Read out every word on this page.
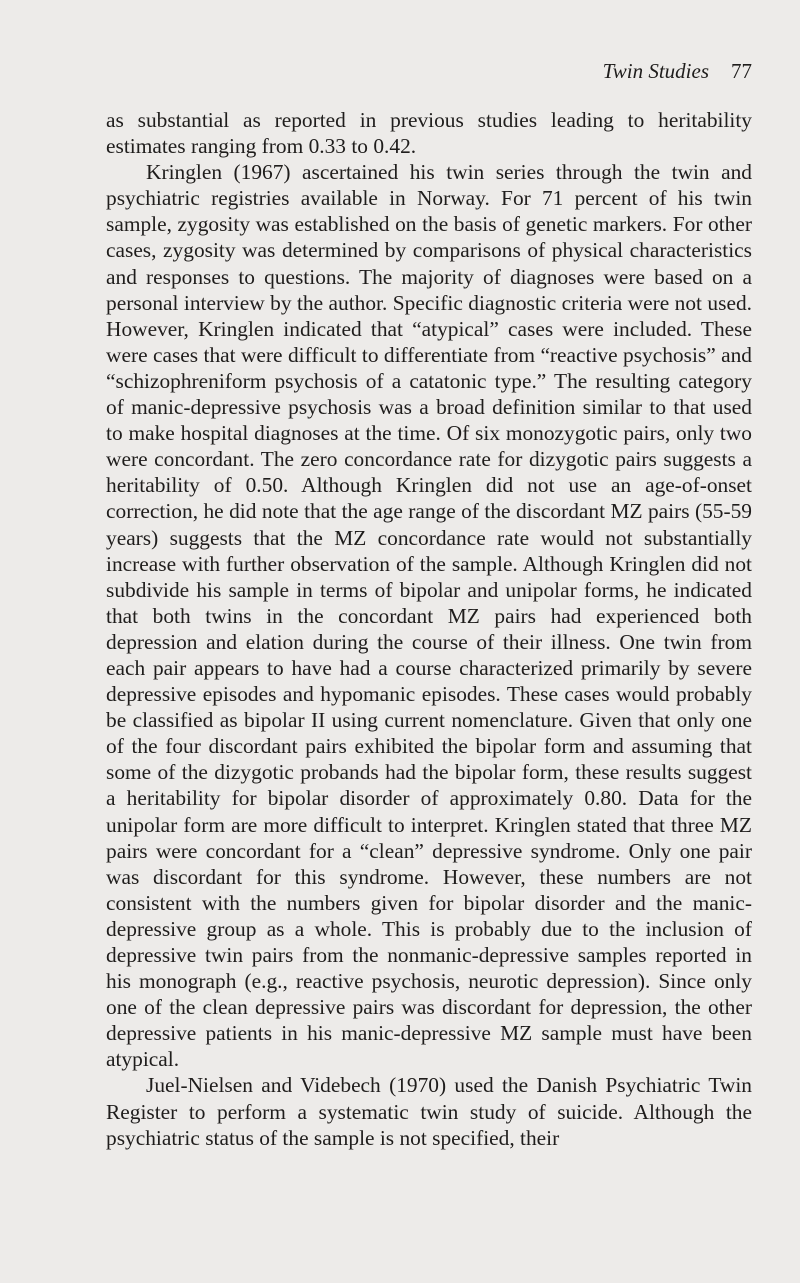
Twin Studies 77

as substantial as reported in previous studies leading to heritability estimates ranging from 0.33 to 0.42.

Kringlen (1967) ascertained his twin series through the twin and psychiatric registries available in Norway. For 71 percent of his twin sample, zygosity was established on the basis of genetic markers. For other cases, zygosity was determined by comparisons of physical characteristics and responses to questions. The majority of diagnoses were based on a personal interview by the author. Specific diagnostic criteria were not used. However, Kringlen indicated that “atypical” cases were included. These were cases that were difficult to differentiate from “reactive psychosis” and “schizophreniform psychosis of a catatonic type.” The resulting category of manic-depressive psychosis was a broad definition similar to that used to make hospital diagnoses at the time. Of six monozygotic pairs, only two were concordant. The zero concordance rate for dizygotic pairs suggests a heritability of 0.50. Although Kringlen did not use an age-of-onset correction, he did note that the age range of the discordant MZ pairs (55-59 years) suggests that the MZ concordance rate would not substantially increase with further observation of the sample. Although Kringlen did not subdivide his sample in terms of bipolar and unipolar forms, he indicated that both twins in the concordant MZ pairs had experienced both depression and elation during the course of their illness. One twin from each pair appears to have had a course characterized primarily by severe depressive episodes and hypomanic episodes. These cases would probably be classified as bipolar II using current nomenclature. Given that only one of the four discordant pairs exhibited the bipolar form and assuming that some of the dizygotic probands had the bipolar form, these results suggest a heritability for bipolar disorder of approximately 0.80. Data for the unipolar form are more difficult to interpret. Kringlen stated that three MZ pairs were concordant for a “clean” depressive syndrome. Only one pair was discordant for this syndrome. However, these numbers are not consistent with the numbers given for bipolar disorder and the manic-depressive group as a whole. This is probably due to the inclusion of depressive twin pairs from the nonmanic-depressive samples reported in his monograph (e.g., reactive psychosis, neurotic depression). Since only one of the clean depressive pairs was discordant for depression, the other depressive patients in his manic-depressive MZ sample must have been atypical.

Juel-Nielsen and Videbech (1970) used the Danish Psychiatric Twin Register to perform a systematic twin study of suicide. Although the psychiatric status of the sample is not specified, their
